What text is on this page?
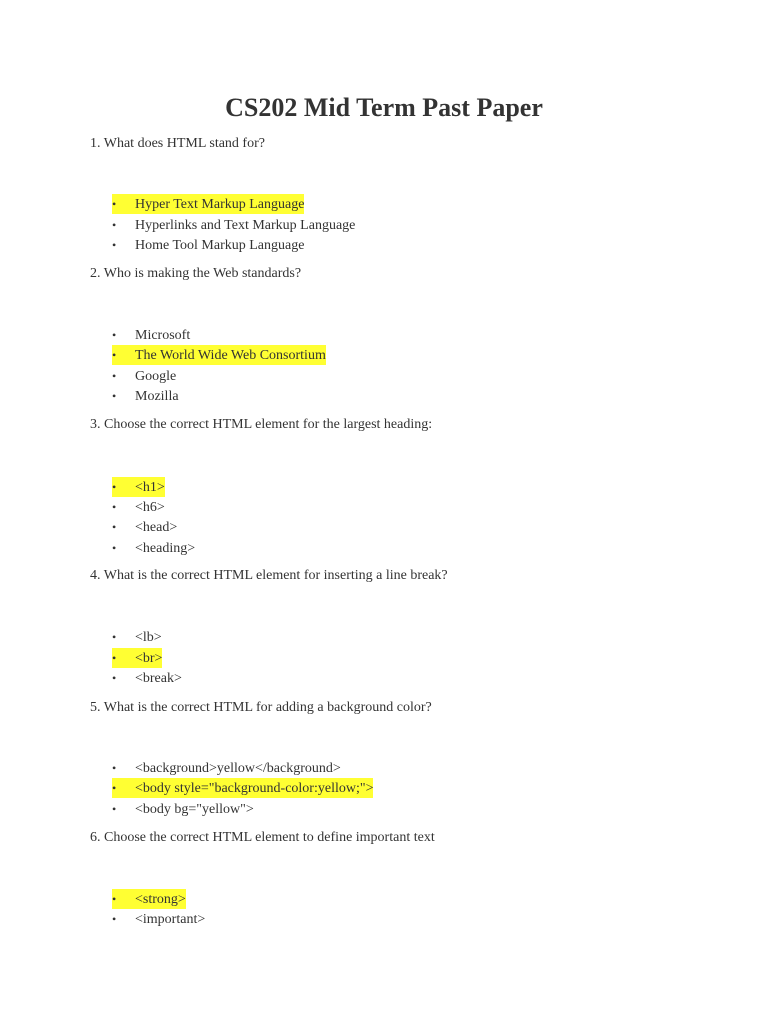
CS202 Mid Term Past Paper
1. What does HTML stand for?
• Hyper Text Markup Language
• Hyperlinks and Text Markup Language
• Home Tool Markup Language
2. Who is making the Web standards?
• Microsoft
• The World Wide Web Consortium
• Google
• Mozilla
3. Choose the correct HTML element for the largest heading:
• <h1>
• <h6>
• <head>
• <heading>
4. What is the correct HTML element for inserting a line break?
• <lb>
• <br>
• <break>
5. What is the correct HTML for adding a background color?
• <background>yellow</background>
• <body style="background-color:yellow;">
• <body bg="yellow">
6. Choose the correct HTML element to define important text
• <strong>
• <important>
